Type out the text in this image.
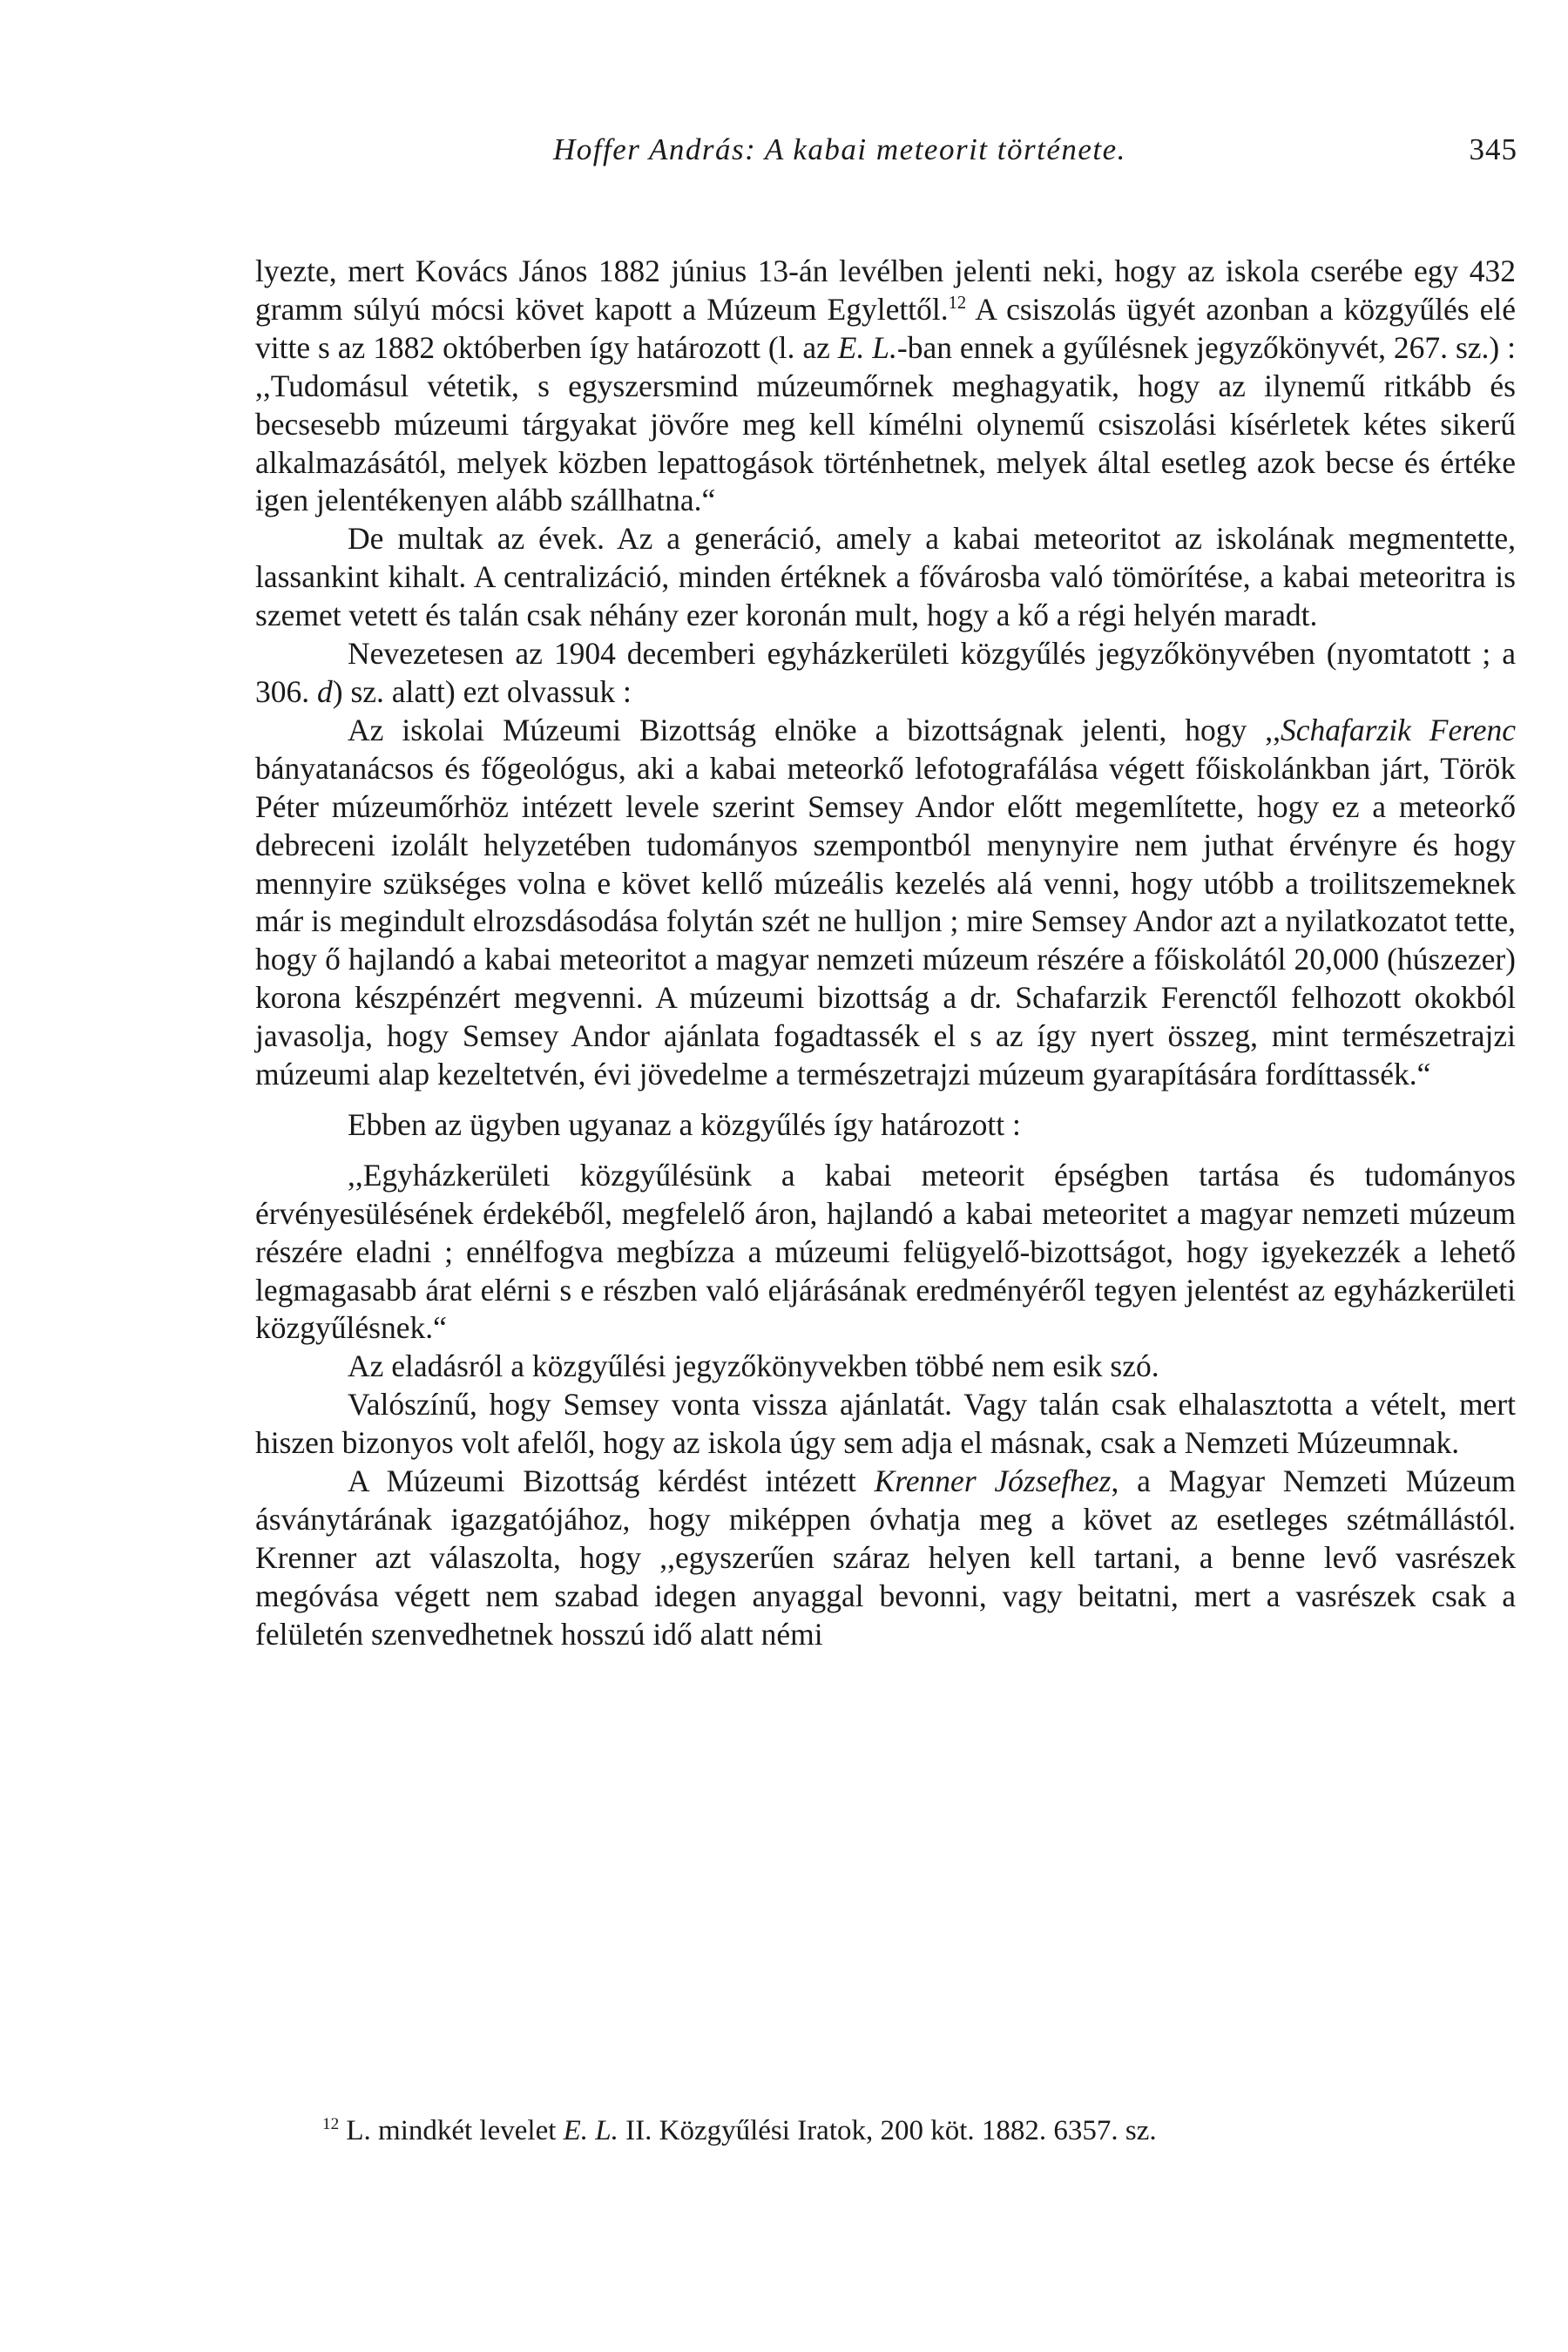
Hoffer András: A kabai meteorit története.	345

lyezte, mert Kovács János 1882 június 13-án levélben jelenti neki, hogy az iskola cserébe egy 432 gramm súlyú mócsi követ kapott a Múzeum Egylettől.$^{12}$ A csiszolás ügyét azonban a közgyűlés elé vitte s az 1882 októberben így határozott (l. az E. L.-ban ennek a gyűlésnek jegyzőkönyvét, 267. sz.) : ,,Tudomásul vétetik, s egyszersmind múzeumőrnek meghagyatik, hogy az ilynemű ritkább és becsesebb múzeumi tárgyakat jövőre meg kell kímélni olynemű csiszolási kísérletek kétes sikerű alkalmazásától, melyek közben lepattogások történhetnek, melyek által esetleg azok becse és értéke igen jelentékenyen alább szállhatna.“

De multak az évek. Az a generáció, amely a kabai meteoritot az iskolának megmentette, lassankint kihalt. A centralizáció, minden értéknek a fővárosba való tömörítése, a kabai meteoritra is szemet vetett és talán csak néhány ezer koronán mult, hogy a kő a régi helyén maradt.

Nevezetesen az 1904 decemberi egyházkerületi közgyűlés jegyzőkönyvében (nyomtatott ; a 306. d) sz. alatt) ezt olvassuk :

Az iskolai Múzeumi Bizottság elnöke a bizottságnak jelenti, hogy ,,Schafarzik Ferenc bányatanácsos és főgeológus, aki a kabai meteorkő lefotografálása végett főiskolánkban járt, Török Péter múzeumőrhöz intézett levele szerint Semsey Andor előtt megemlítette, hogy ez a meteorkő debreceni izolált helyzetében tudományos szempontból menynyire nem juthat érvényre és hogy mennyire szükséges volna e követ kellő múzeális kezelés alá venni, hogy utóbb a troilitszemeknek már is megindult elrozsdásodása folytán szét ne hulljon ; mire Semsey Andor azt a nyilatkozatot tette, hogy ő hajlandó a kabai meteoritot a magyar nemzeti múzeum részére a főiskolától 20,000 (húszezer) korona készpénzért megvenni. A múzeumi bizottság a dr. Schafarzik Ferenctől felhozott okokból javasolja, hogy Semsey Andor ajánlata fogadtassék el s az így nyert összeg, mint természetrajzi múzeumi alap kezeltetvén, évi jövedelme a természetrajzi múzeum gyarapítására fordíttassék.“

Ebben az ügyben ugyanaz a közgyűlés így határozott :

,,Egyházkerületi közgyűlésünk a kabai meteorit épségben tartása és tudományos érvényesülésének érdekéből, megfelelő áron, hajlandó a kabai meteoritet a magyar nemzeti múzeum részére eladni ; ennélfogva megbízza a múzeumi felügyelő-bizottságot, hogy igyekezzék a lehető legmagasabb árat elérni s e részben való eljárásának eredményéről tegyen jelentést az egyházkerületi közgyűlésnek.“

Az eladásról a közgyűlési jegyzőkönyvekben többé nem esik szó.

Valószínű, hogy Semsey vonta vissza ajánlatát. Vagy talán csak elhalasztotta a vételt, mert hiszen bizonyos volt afelől, hogy az iskola úgy sem adja el másnak, csak a Nemzeti Múzeumnak.

A Múzeumi Bizottság kérdést intézett Krenner Józsefhez, a Magyar Nemzeti Múzeum ásványtárának igazgatójához, hogy miképpen óvhatja meg a követ az esetleges szétmállástól. Krenner azt válaszolta, hogy ,,egyszerűen száraz helyen kell tartani, a benne levő vasrészek megóvása végett nem szabad idegen anyaggal bevonni, vagy beitatni, mert a vasrészek csak a felületén szenvedhetnek hosszú idő alatt némi

$^{12}$ L. mindkét levelet E. L. II. Közgyűlési Iratok, 200 köt. 1882. 6357. sz.
